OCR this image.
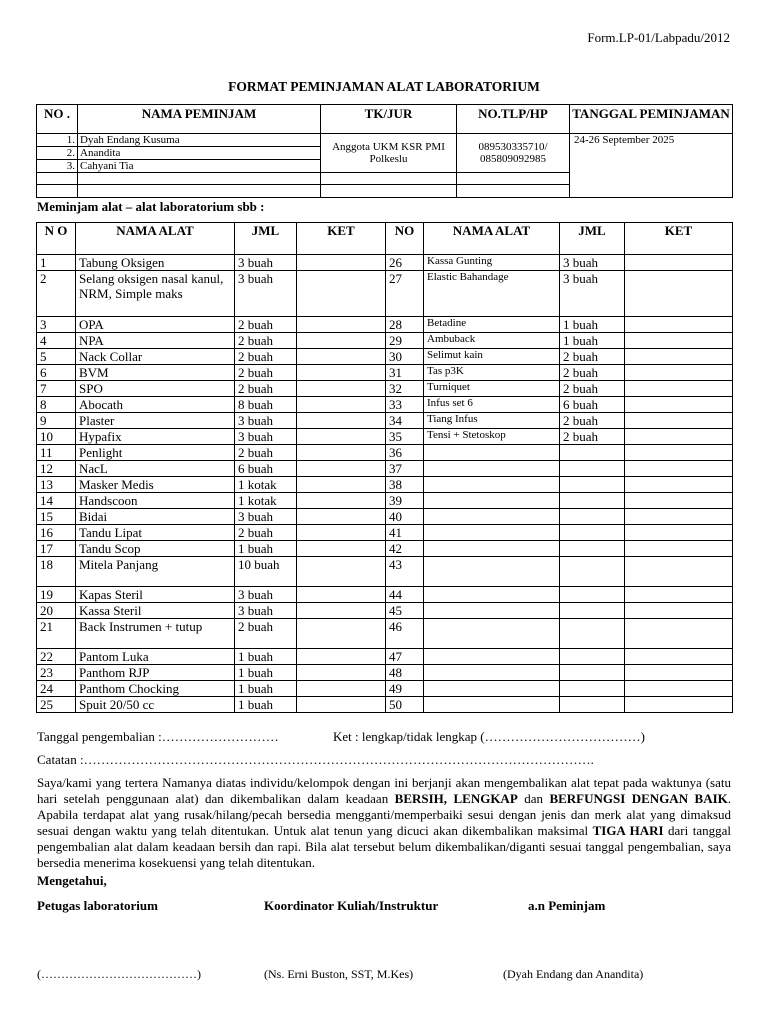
Form.LP-01/Labpadu/2012
FORMAT PEMINJAMAN ALAT LABORATORIUM
NO .	NAMA PEMINJAM	TK/JUR	NO.TLP/HP	TANGGAL PEMINJAMAN
1.	Dyah Endang Kusuma	Anggota UKM KSR PMI Polkeslu	089530335710/ 085809092985	24-26 September 2025
2.	Anandita			
3.	Cahyani Tia			

Meminjam alat – alat laboratorium sbb :
N O	NAMA ALAT	JML	KET	NO	NAMA ALAT	JML	KET
1	Tabung Oksigen	3 buah		26	Kassa Gunting	3 buah	
2	Selang oksigen nasal kanul, NRM, Simple maks	3 buah		27	Elastic Bahandage	3 buah	
3	OPA	2 buah		28	Betadine	1 buah	
4	NPA	2 buah		29	Ambuback	1 buah	
5	Nack Collar	2 buah		30	Selimut kain	2 buah	
6	BVM	2 buah		31	Tas p3K	2 buah	
7	SPO	2 buah		32	Turniquet	2 buah	
8	Abocath	8 buah		33	Infus set 6	6 buah	
9	Plaster	3 buah		34	Tiang Infus	2 buah	
10	Hypafix	3 buah		35	Tensi + Stetoskop	2 buah	
11	Penlight	2 buah		36			
12	NacL	6 buah		37			
13	Masker Medis	1 kotak		38			
14	Handscoon	1 kotak		39			
15	Bidai	3 buah		40			
16	Tandu Lipat	2 buah		41			
17	Tandu Scop	1 buah		42			
18	Mitela Panjang	10 buah		43			
19	Kapas Steril	3 buah		44			
20	Kassa Steril	3 buah		45			
21	Back Instrumen + tutup	2 buah		46			
22	Pantom Luka	1 buah		47			
23	Panthom RJP	1 buah		48			
24	Panthom Chocking	1 buah		49			
25	Spuit 20/50 cc	1 buah		50			
Tanggal pengembalian :………………………	Ket : lengkap/tidak lengkap (………………………………)
Catatan :……………………………………………………………………………………………………….
Saya/kami yang tertera Namanya diatas individu/kelompok dengan ini berjanji akan mengembalikan alat tepat pada waktunya (satu hari setelah penggunaan alat) dan dikembalikan dalam keadaan BERSIH, LENGKAP dan BERFUNGSI DENGAN BAIK. Apabila terdapat alat yang rusak/hilang/pecah bersedia mengganti/memperbaiki sesui dengan jenis dan merk alat yang dimaksud sesuai dengan waktu yang telah ditentukan. Untuk alat tenun yang dicuci akan dikembalikan maksimal TIGA HARI dari tanggal pengembalian alat dalam keadaan bersih dan rapi. Bila alat tersebut belum dikembalikan/diganti sesuai tanggal pengembalian, saya bersedia menerima kosekuensi yang telah ditentukan.
Mengetahui,
Petugas laboratorium	Koordinator Kuliah/Instruktur	a.n Peminjam
(…………………………………)	(Ns. Erni Buston, SST, M.Kes)	(Dyah Endang dan Anandita)
